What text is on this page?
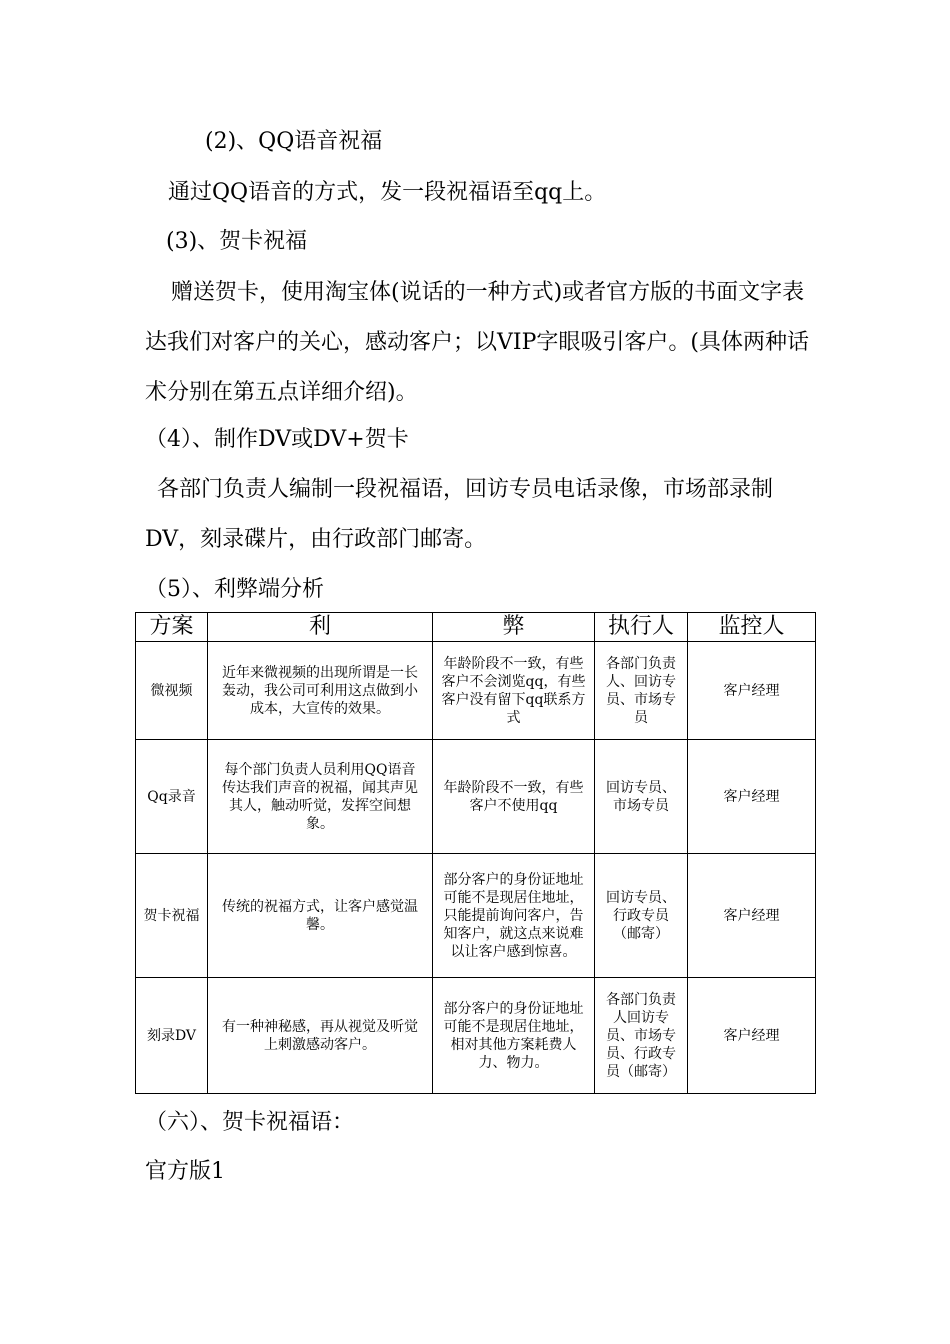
(2)、QQ语音祝福
通过QQ语音的方式，发一段祝福语至qq上。
(3)、贺卡祝福
赠送贺卡，使用淘宝体(说话的一种方式)或者官方版的书面文字表达我们对客户的关心，感动客户；以VIP字眼吸引客户。(具体两种话术分别在第五点详细介绍)。
（4）、制作DV或DV+贺卡
各部门负责人编制一段祝福语，回访专员电话录像，市场部录制DV，刻录碟片，由行政部门邮寄。
（5）、利弊端分析
方案	利	弊	执行人	监控人
微视频	近年来微视频的出现所谓是一长轰动，我公司可利用这点做到小成本，大宣传的效果。	年龄阶段不一致，有些客户不会浏览qq，有些客户没有留下qq联系方式	各部门负责人、回访专员、市场专员	客户经理
Qq录音	每个部门负责人员利用QQ语音传达我们声音的祝福，闻其声见其人，触动听觉，发挥空间想象。	年龄阶段不一致，有些客户不使用qq	回访专员、市场专员	客户经理
贺卡祝福	传统的祝福方式，让客户感觉温馨。	部分客户的身份证地址可能不是现居住地址，只能提前询问客户，告知客户，就这点来说难以让客户感到惊喜。	回访专员、行政专员（邮寄）	客户经理
刻录DV	有一种神秘感，再从视觉及听觉上刺激感动客户。	部分客户的身份证地址可能不是现居住地址，相对其他方案耗费人力、物力。	各部门负责人回访专员、市场专员、行政专员（邮寄）	客户经理
（六）、贺卡祝福语：
官方版1
